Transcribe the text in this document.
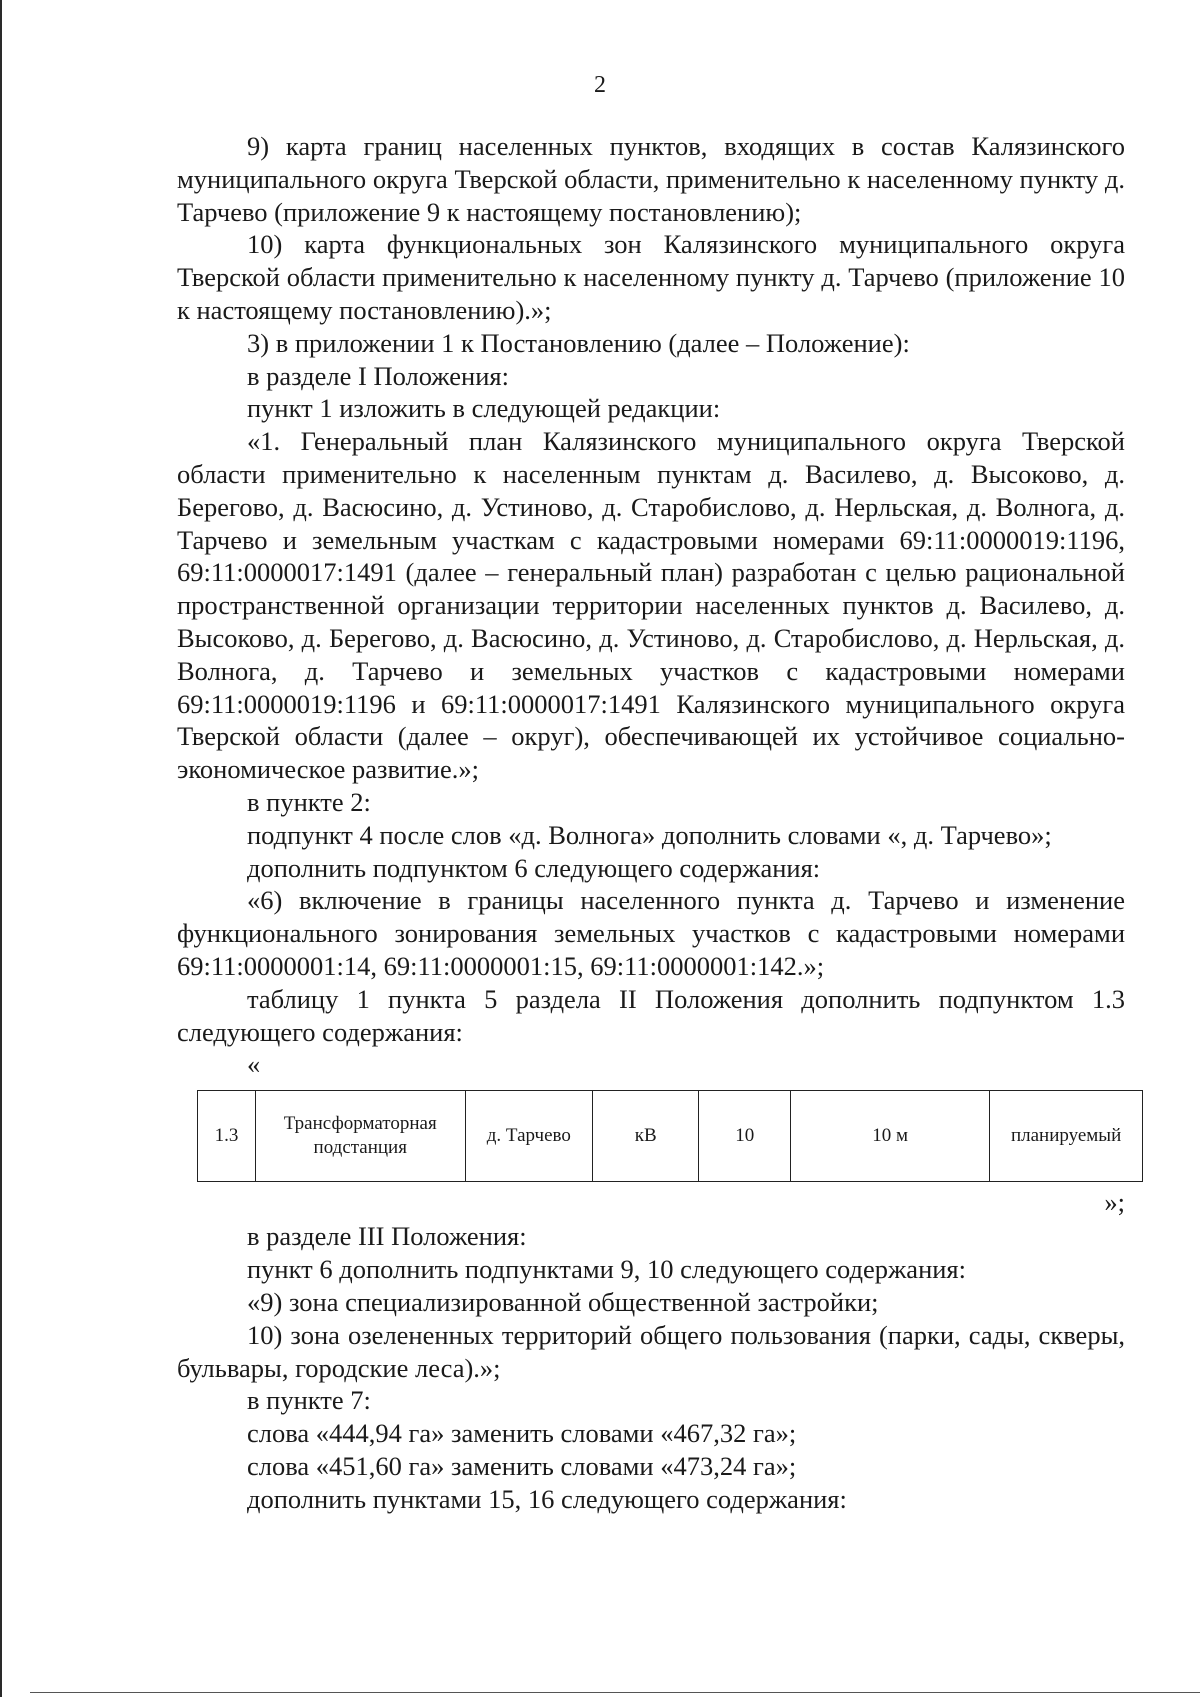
2

9) карта границ населенных пунктов, входящих в состав Калязинского муниципального округа Тверской области, применительно к населенному пункту д. Тарчево (приложение 9 к настоящему постановлению);

10) карта функциональных зон Калязинского муниципального округа Тверской области применительно к населенному пункту д. Тарчево (приложение 10 к настоящему постановлению).»;

3) в приложении 1 к Постановлению (далее – Положение):

в разделе I Положения:

пункт 1 изложить в следующей редакции:

«1. Генеральный план Калязинского муниципального округа Тверской области применительно к населенным пунктам д. Василево, д. Высоково, д. Берегово, д. Васюсино, д. Устиново, д. Старобислово, д. Нерльская, д. Волнога, д. Тарчево и земельным участкам с кадастровыми номерами 69:11:0000019:1196, 69:11:0000017:1491 (далее – генеральный план) разработан с целью рациональной пространственной организации территории населенных пунктов д. Василево, д. Высоково, д. Берегово, д. Васюсино, д. Устиново, д. Старобислово, д. Нерльская, д. Волнога, д. Тарчево и земельных участков с кадастровыми номерами 69:11:0000019:1196 и 69:11:0000017:1491 Калязинского муниципального округа Тверской области (далее – округ), обеспечивающей их устойчивое социально-экономическое развитие.»;

в пункте 2:

подпункт 4 после слов «д. Волнога» дополнить словами «, д. Тарчево»;

дополнить подпунктом 6 следующего содержания:

«6) включение в границы населенного пункта д. Тарчево и изменение функционального зонирования земельных участков с кадастровыми номерами 69:11:0000001:14, 69:11:0000001:15, 69:11:0000001:142.»;

таблицу 1 пункта 5 раздела II Положения дополнить подпунктом 1.3 следующего содержания:

«
1.3	Трансформаторная подстанция	д. Тарчево	кВ	10	10 м	планируемый
»;

в разделе III Положения:

пункт 6 дополнить подпунктами 9, 10 следующего содержания:

«9) зона специализированной общественной застройки;

10) зона озелененных территорий общего пользования (парки, сады, скверы, бульвары, городские леса).»;

в пункте 7:

слова «444,94 га» заменить словами «467,32 га»;

слова «451,60 га» заменить словами «473,24 га»;

дополнить пунктами 15, 16 следующего содержания:
